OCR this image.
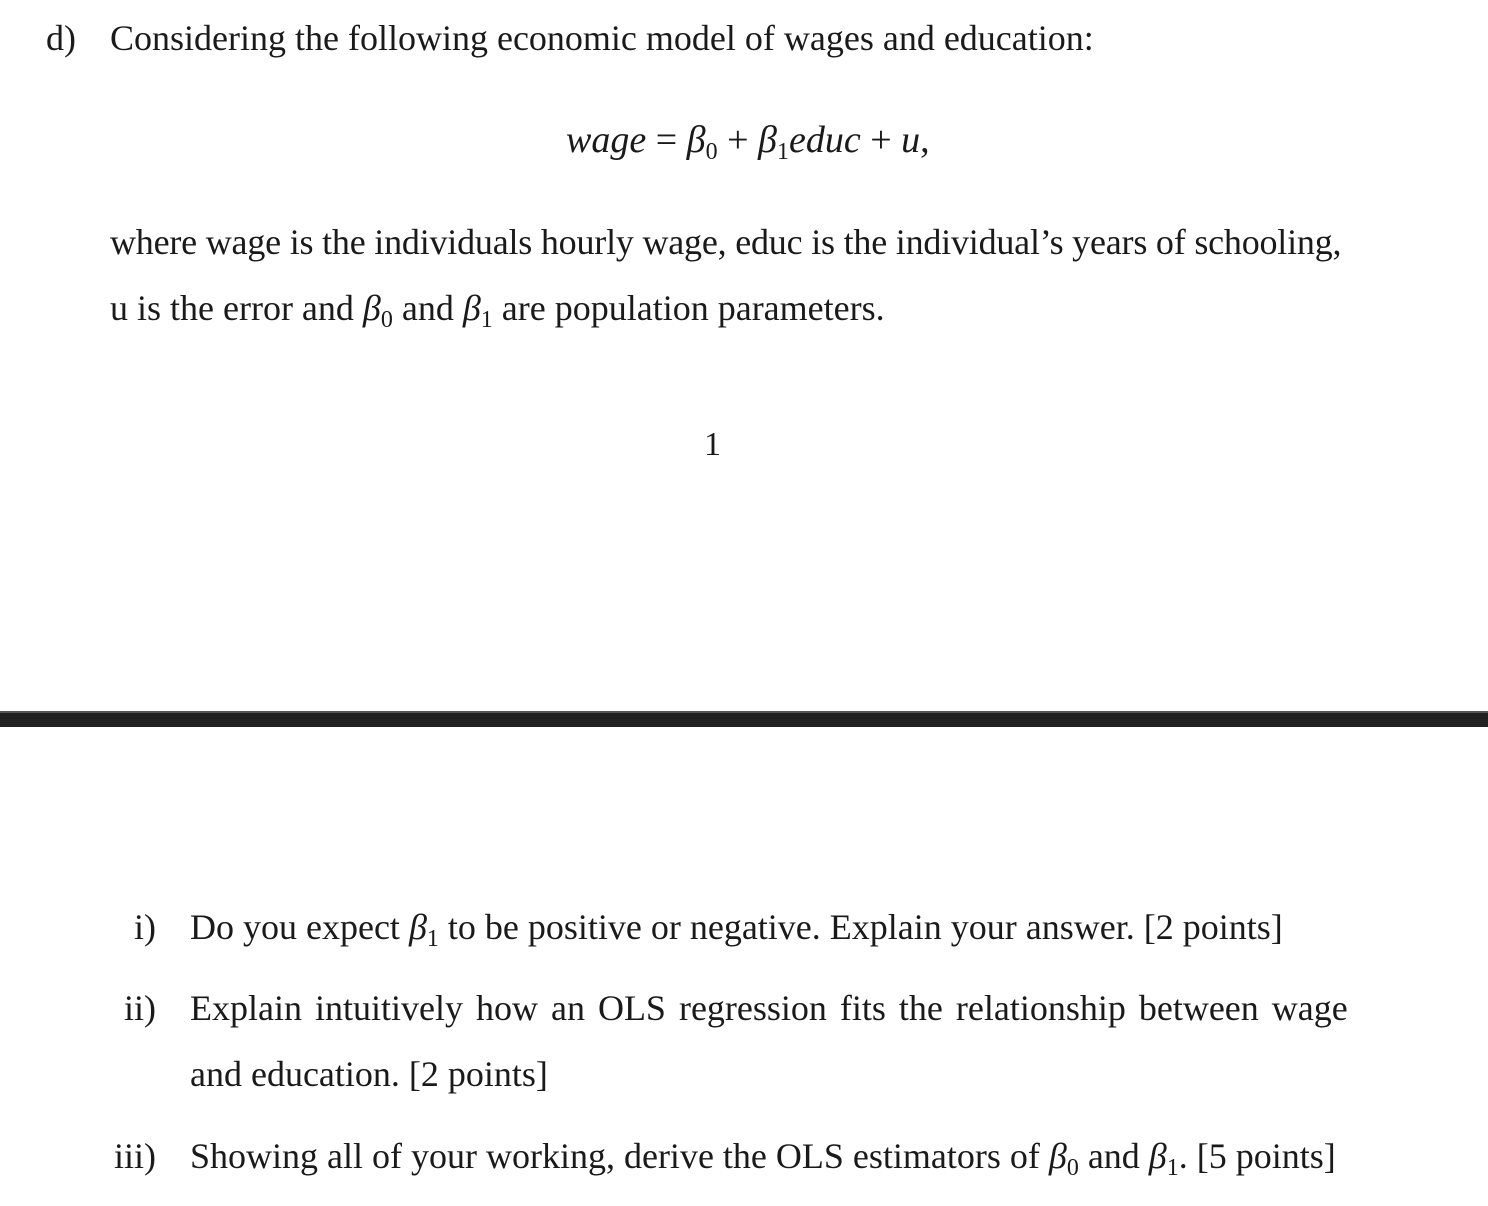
d) Considering the following economic model of wages and education:
wage = $\beta_0$ + $\beta_1educ + u$,
where wage is the individuals hourly wage, educ is the individual’s years of schooling,
u is the error and $\beta_0$ and $\beta_1$ are population parameters.
1
i) Do you expect $\beta_1$ to be positive or negative. Explain your answer. [2 points]
ii) Explain intuitively how an OLS regression fits the relationship between wage
and education. [2 points]
iii) Showing all of your working, derive the OLS estimators of $\beta_0$ and $\beta_1$. [5 points]
